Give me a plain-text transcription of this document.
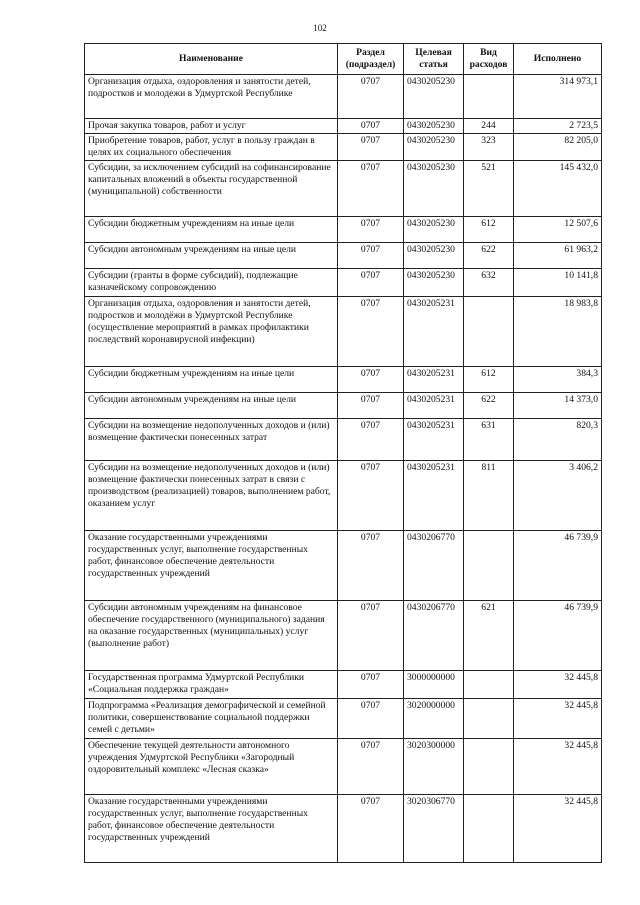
102
Наименование	Раздел (подраздел)	Целевая статья	Вид расходов	Исполнено
Организация отдыха, оздоровления и занятости детей, подростков и молодежи в Удмуртской Республике	0707	0430205230		314 973,1
Прочая закупка товаров, работ и услуг	0707	0430205230	244	2 723,5
Приобретение товаров, работ, услуг в пользу граждан в целях их социального обеспечения	0707	0430205230	323	82 205,0
Субсидии, за исключением субсидий на софинансирование капитальных вложений в объекты государственной (муниципальной) собственности	0707	0430205230	521	145 432,0
Субсидии бюджетным учреждениям на иные цели	0707	0430205230	612	12 507,6
Субсидии автономным учреждениям на иные цели	0707	0430205230	622	61 963,2
Субсидии (гранты в форме субсидий), подлежащие казначейскому сопровождению	0707	0430205230	632	10 141,8
Организация отдыха, оздоровления и занятости детей, подростков и молодёжи в Удмуртской Республике (осуществление мероприятий в рамках профилактики последствий коронавирусной инфекции)	0707	0430205231		18 983,8
Субсидии бюджетным учреждениям на иные цели	0707	0430205231	612	384,3
Субсидии автономным учреждениям на иные цели	0707	0430205231	622	14 373,0
Субсидии на возмещение недополученных доходов и (или) возмещение фактически понесенных затрат	0707	0430205231	631	820,3
Субсидии на возмещение недополученных доходов и (или) возмещение фактически понесенных затрат в связи с производством (реализацией) товаров, выполнением работ, оказанием услуг	0707	0430205231	811	3 406,2
Оказание государственными учреждениями государственных услуг, выполнение государственных работ, финансовое обеспечение деятельности государственных учреждений	0707	0430206770		46 739,9
Субсидии автономным учреждениям на финансовое обеспечение государственного (муниципального) задания на оказание государственных (муниципальных) услуг (выполнение работ)	0707	0430206770	621	46 739,9
Государственная программа Удмуртской Республики «Социальная поддержка граждан»	0707	3000000000		32 445,8
Подпрограмма «Реализация демографической и семейной политики, совершенствование социальной поддержки семей с детьми»	0707	3020000000		32 445,8
Обеспечение текущей деятельности автономного учреждения Удмуртской Республики «Загородный оздоровительный комплекс «Лесная сказка»	0707	3020300000		32 445,8
Оказание государственными учреждениями государственных услуг, выполнение государственных работ, финансовое обеспечение деятельности государственных учреждений	0707	3020306770		32 445,8
